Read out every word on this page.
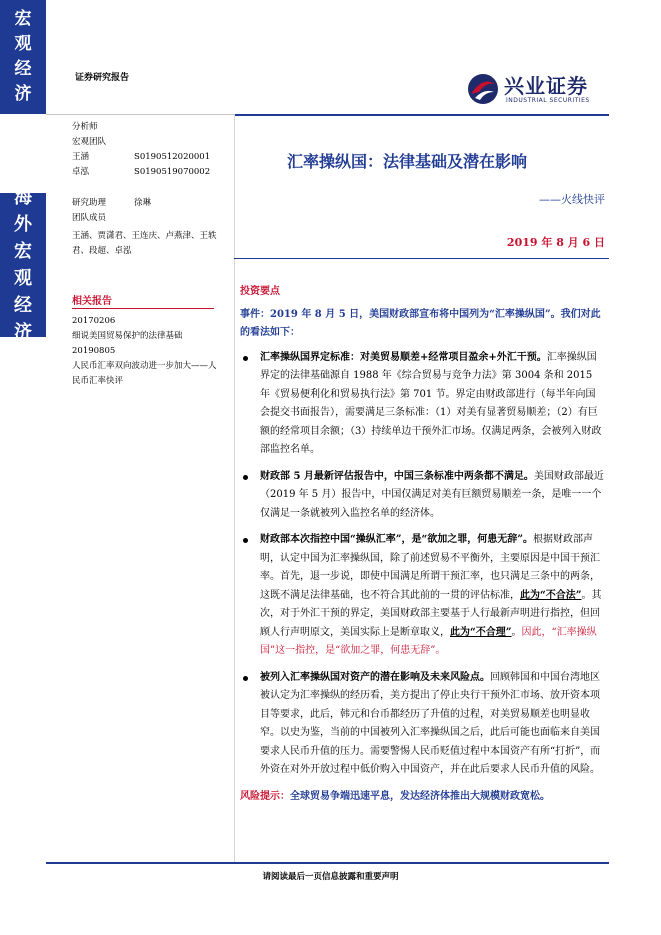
宏
观
经
济
海
外
宏
观
经
济
证券研究报告	兴业证券
INDUSTRIAL SECURITIES
分析师
宏观团队
王涵	S0190512020001
卓泓	S0190519070002
研究助理	徐琳
团队成员
王涵、贾潇君、王连庆、卢燕津、王轶君、段超、卓泓
相关报告
20170206
细说美国贸易保护的法律基础
20190805
人民币汇率双向波动进一步加大——人民币汇率快评
汇率操纵国：法律基础及潜在影响
——火线快评
2019 年 8 月 6 日
投资要点
事件：2019 年 8 月 5 日，美国财政部宣布将中国列为“汇率操纵国”。我们对此的看法如下：
汇率操纵国界定标准：对美贸易顺差+经常项目盈余+外汇干预。汇率操纵国界定的法律基础源自 1988 年《综合贸易与竞争力法》第 3004 条和 2015 年《贸易便利化和贸易执行法》第 701 节。界定由财政部进行（每半年向国会提交书面报告），需要满足三条标准：（1）对美有显著贸易顺差；（2）有巨额的经常项目余额；（3）持续单边干预外汇市场。仅满足两条，会被列入财政部监控名单。
财政部 5 月最新评估报告中，中国三条标准中两条都不满足。美国财政部最近（2019 年 5 月）报告中，中国仅满足对美有巨额贸易顺差一条，是唯一一个仅满足一条就被列入监控名单的经济体。
财政部本次指控中国“操纵汇率”，是“欲加之罪，何患无辞”。根据财政部声明，认定中国为汇率操纵国，除了前述贸易不平衡外，主要原因是中国干预汇率。首先，退一步说，即使中国满足所谓干预汇率，也只满足三条中的两条，这既不满足法律基础，也不符合其此前的一贯的评估标准，此为“不合法”。其次，对于外汇干预的界定，美国财政部主要基于人行最新声明进行指控，但回顾人行声明原文，美国实际上是断章取义，此为“不合理”。因此，“汇率操纵国”这一指控，是“欲加之罪，何患无辞”。
被列入汇率操纵国对资产的潜在影响及未来风险点。回顾韩国和中国台湾地区被认定为汇率操纵的经历看，美方提出了停止央行干预外汇市场、放开资本项目等要求，此后，韩元和台币都经历了升值的过程，对美贸易顺差也明显收窄。以史为鉴，当前的中国被列入汇率操纵国之后，此后可能也面临来自美国要求人民币升值的压力。需要警惕人民币贬值过程中本国资产有所“打折”，而外资在对外开放过程中低价购入中国资产，并在此后要求人民币升值的风险。
风险提示：全球贸易争端迅速平息，发达经济体推出大规模财政宽松。
请阅读最后一页信息披露和重要声明
